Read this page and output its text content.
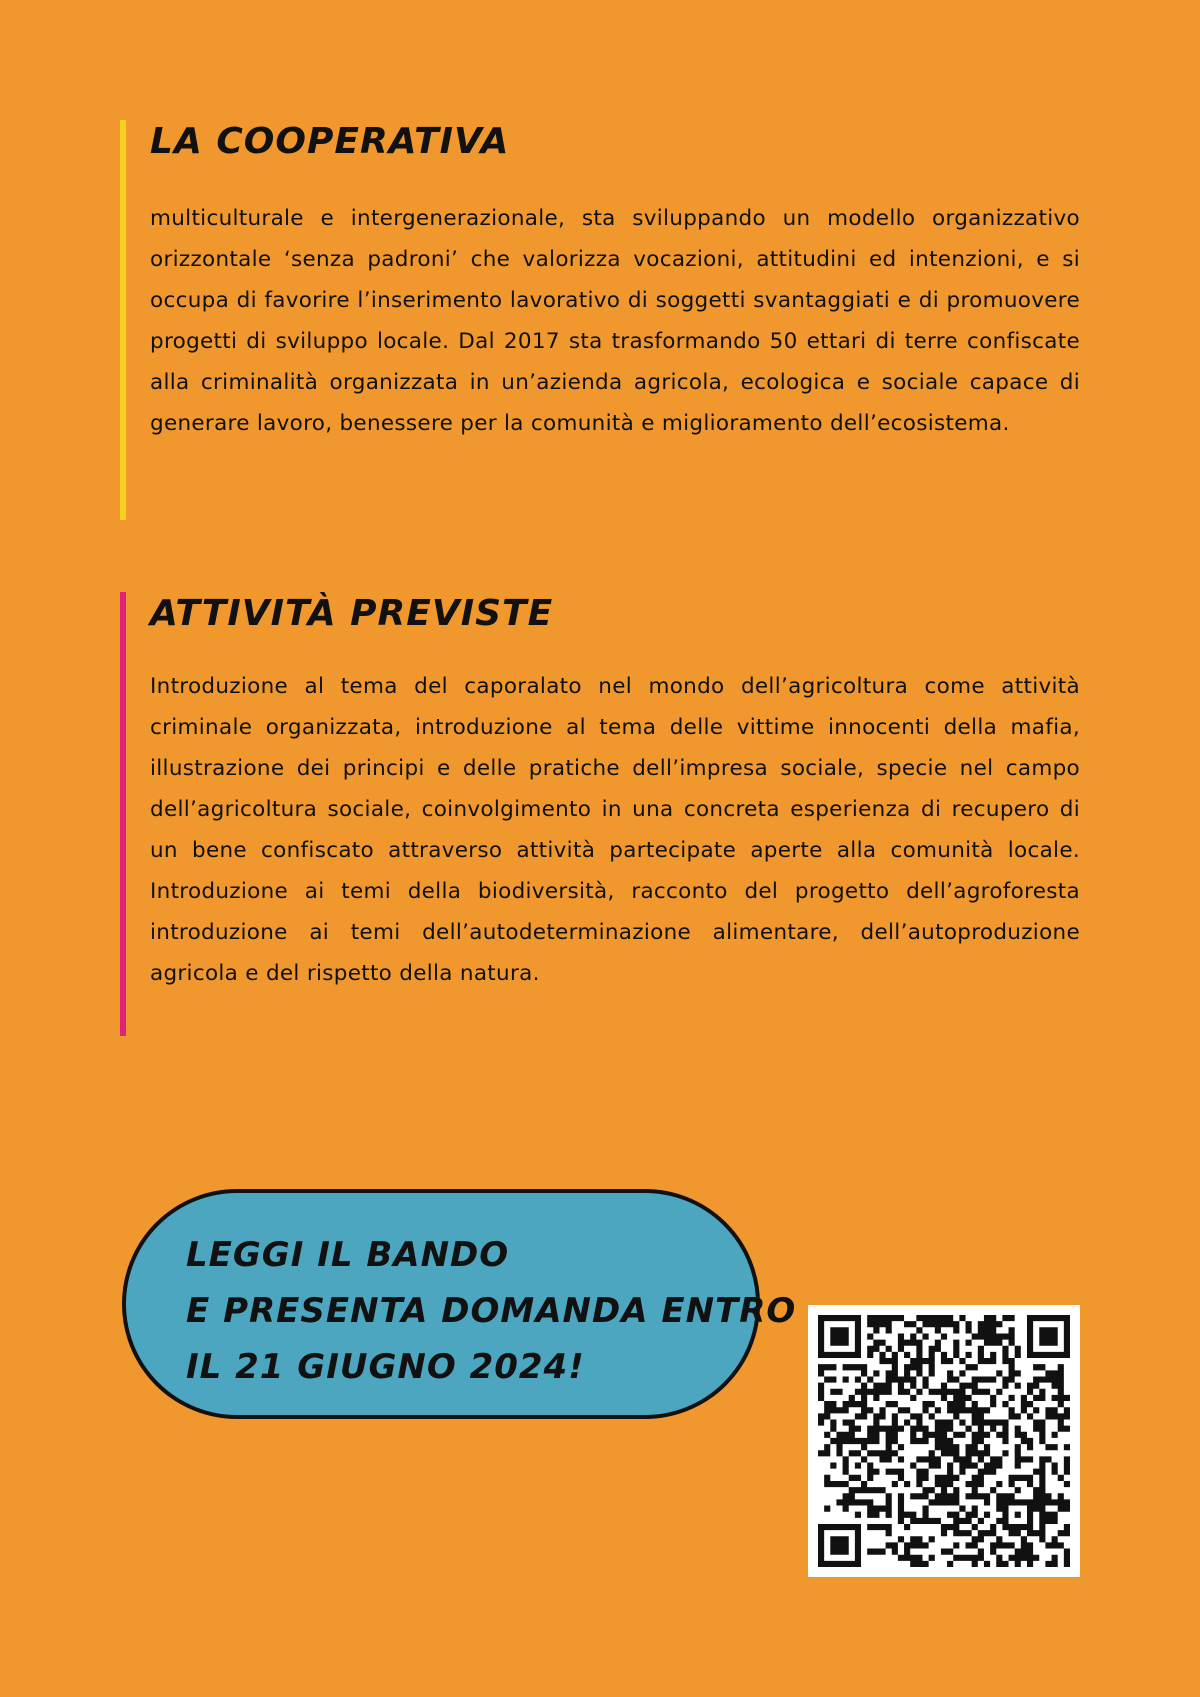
LA COOPERATIVA

multiculturale e intergenerazionale, sta sviluppando un modello organizzativo orizzontale ‘senza padroni’ che valorizza vocazioni, attitudini ed intenzioni, e si occupa di favorire l’inserimento lavorativo di soggetti svantaggiati e di promuovere progetti di sviluppo locale. Dal 2017 sta trasformando 50 ettari di terre confiscate alla criminalità organizzata in un’azienda agricola, ecologica e sociale capace di generare lavoro, benessere per la comunità e miglioramento dell’ecosistema.

ATTIVITÀ PREVISTE

Introduzione al tema del caporalato nel mondo dell’agricoltura come attività criminale organizzata, introduzione al tema delle vittime innocenti della mafia, illustrazione dei principi e delle pratiche dell’impresa sociale, specie nel campo dell’agricoltura sociale, coinvolgimento in una concreta esperienza di recupero di un bene confiscato attraverso attività partecipate aperte alla comunità locale. Introduzione ai temi della biodiversità, racconto del progetto dell’agroforesta introduzione ai temi dell’autodeterminazione alimentare, dell’autoproduzione agricola e del rispetto della natura.

LEGGI IL BANDO
E PRESENTA DOMANDA ENTRO
IL 21 GIUGNO 2024!
